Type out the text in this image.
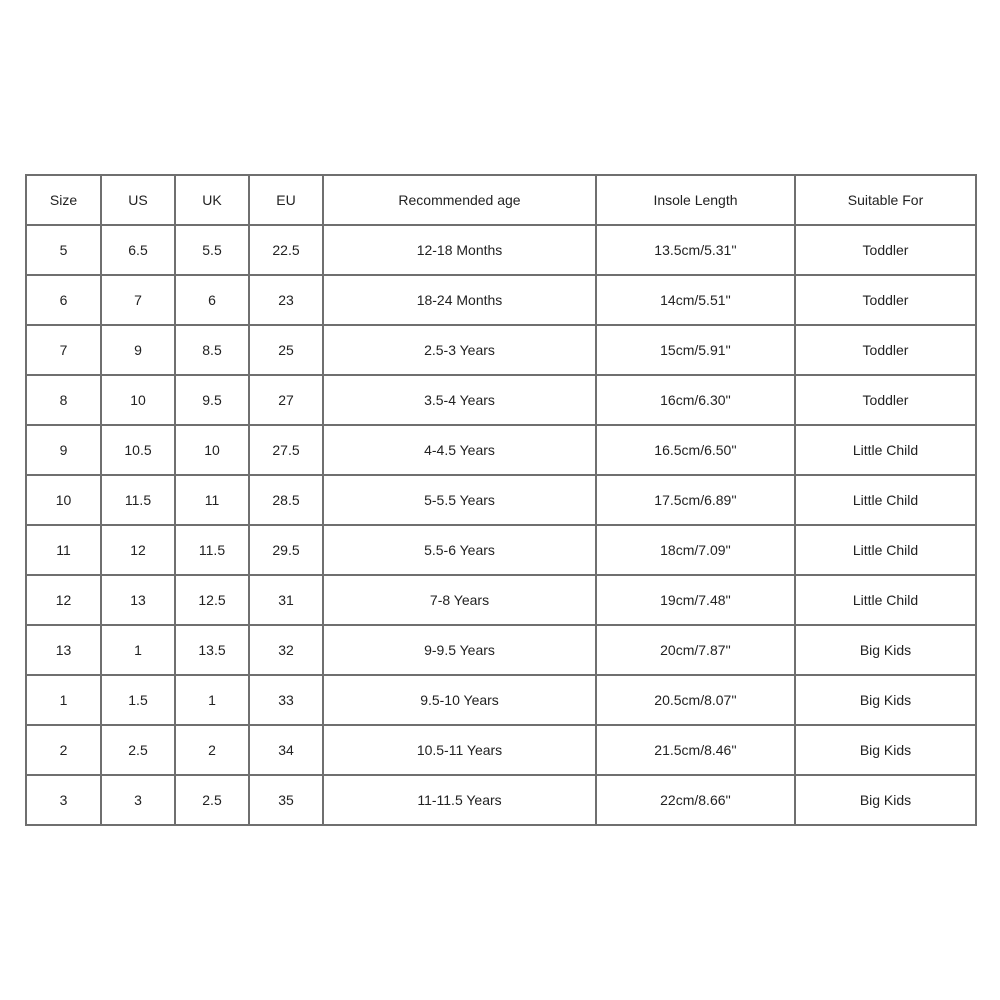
Size	US	UK	EU	Recommended age	Insole Length	Suitable For
5	6.5	5.5	22.5	12-18 Months	13.5cm/5.31''	Toddler
6	7	6	23	18-24 Months	14cm/5.51''	Toddler
7	9	8.5	25	2.5-3 Years	15cm/5.91''	Toddler
8	10	9.5	27	3.5-4 Years	16cm/6.30''	Toddler
9	10.5	10	27.5	4-4.5 Years	16.5cm/6.50''	Little Child
10	11.5	11	28.5	5-5.5 Years	17.5cm/6.89''	Little Child
11	12	11.5	29.5	5.5-6 Years	18cm/7.09''	Little Child
12	13	12.5	31	7-8 Years	19cm/7.48''	Little Child
13	1	13.5	32	9-9.5 Years	20cm/7.87''	Big Kids
1	1.5	1	33	9.5-10 Years	20.5cm/8.07''	Big Kids
2	2.5	2	34	10.5-11 Years	21.5cm/8.46''	Big Kids
3	3	2.5	35	11-11.5 Years	22cm/8.66''	Big Kids
